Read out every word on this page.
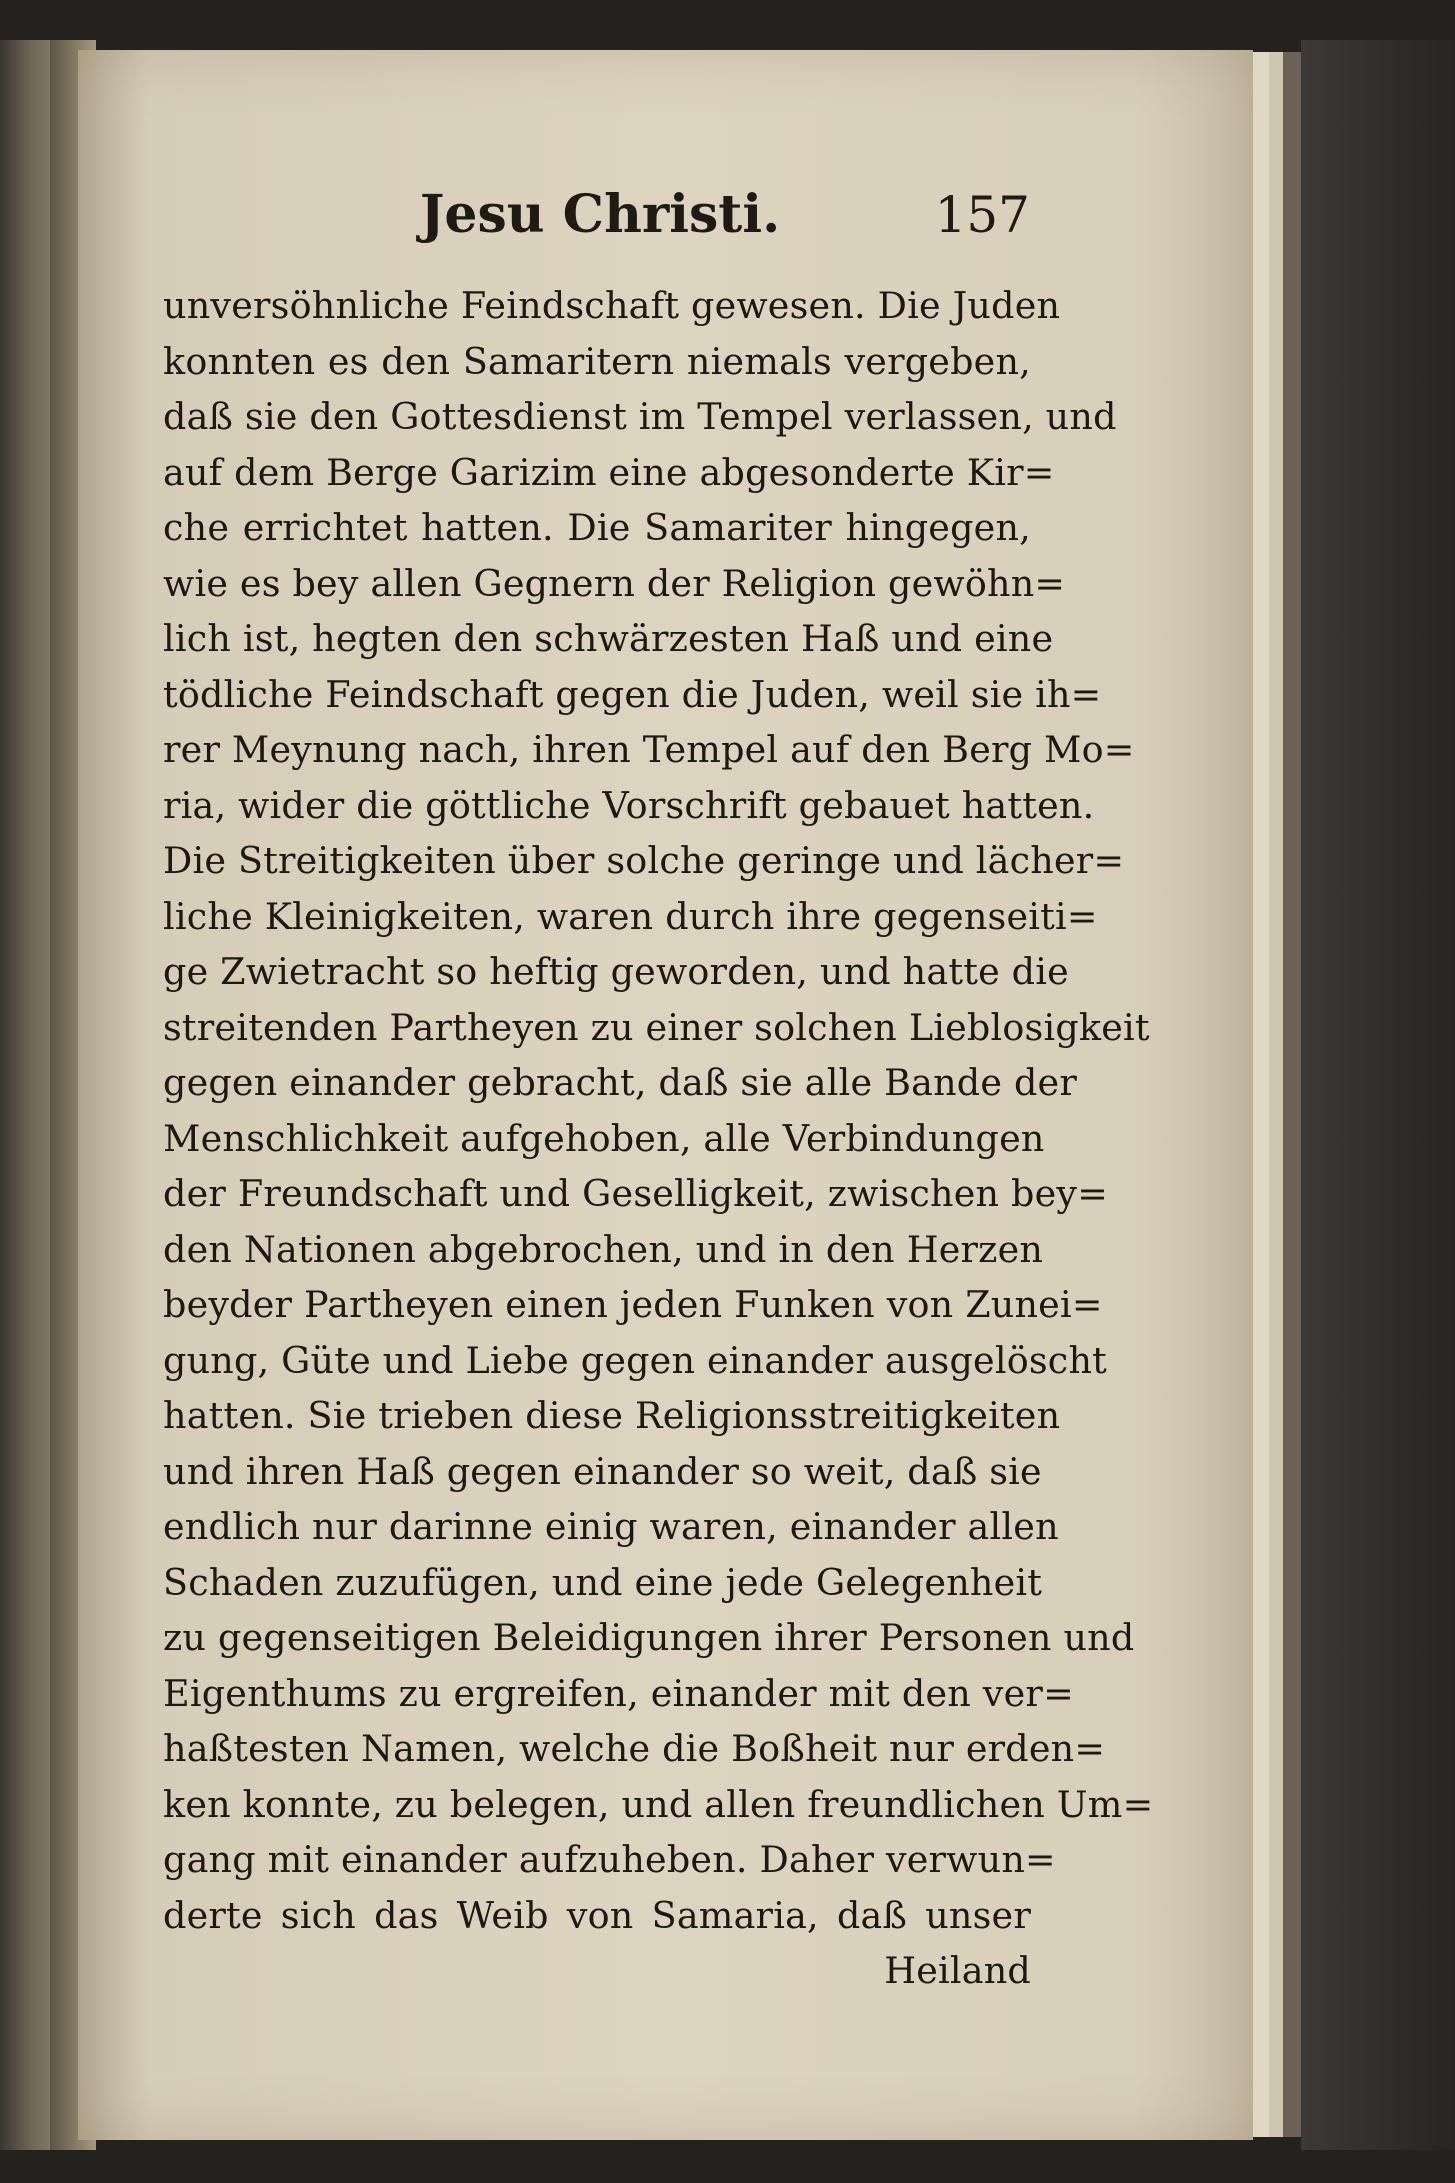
Jesu Christi.	157
unversöhnliche Feindschaft gewesen. Die Juden
konnten es den Samaritern niemals vergeben,
daß sie den Gottesdienst im Tempel verlassen, und
auf dem Berge Garizim eine abgesonderte Kir=
che errichtet hatten. Die Samariter hingegen,
wie es bey allen Gegnern der Religion gewöhn=
lich ist, hegten den schwärzesten Haß und eine
tödliche Feindschaft gegen die Juden, weil sie ih=
rer Meynung nach, ihren Tempel auf den Berg Mo=
ria, wider die göttliche Vorschrift gebauet hatten.
Die Streitigkeiten über solche geringe und lächer=
liche Kleinigkeiten, waren durch ihre gegenseiti=
ge Zwietracht so heftig geworden, und hatte die
streitenden Partheyen zu einer solchen Lieblosigkeit
gegen einander gebracht, daß sie alle Bande der
Menschlichkeit aufgehoben, alle Verbindungen
der Freundschaft und Geselligkeit, zwischen bey=
den Nationen abgebrochen, und in den Herzen
beyder Partheyen einen jeden Funken von Zunei=
gung, Güte und Liebe gegen einander ausgelöscht
hatten. Sie trieben diese Religionsstreitigkeiten
und ihren Haß gegen einander so weit, daß sie
endlich nur darinne einig waren, einander allen
Schaden zuzufügen, und eine jede Gelegenheit
zu gegenseitigen Beleidigungen ihrer Personen und
Eigenthums zu ergreifen, einander mit den ver=
haßtesten Namen, welche die Boßheit nur erden=
ken konnte, zu belegen, und allen freundlichen Um=
gang mit einander aufzuheben. Daher verwun=
derte sich das Weib von Samaria, daß unser
Heiland
